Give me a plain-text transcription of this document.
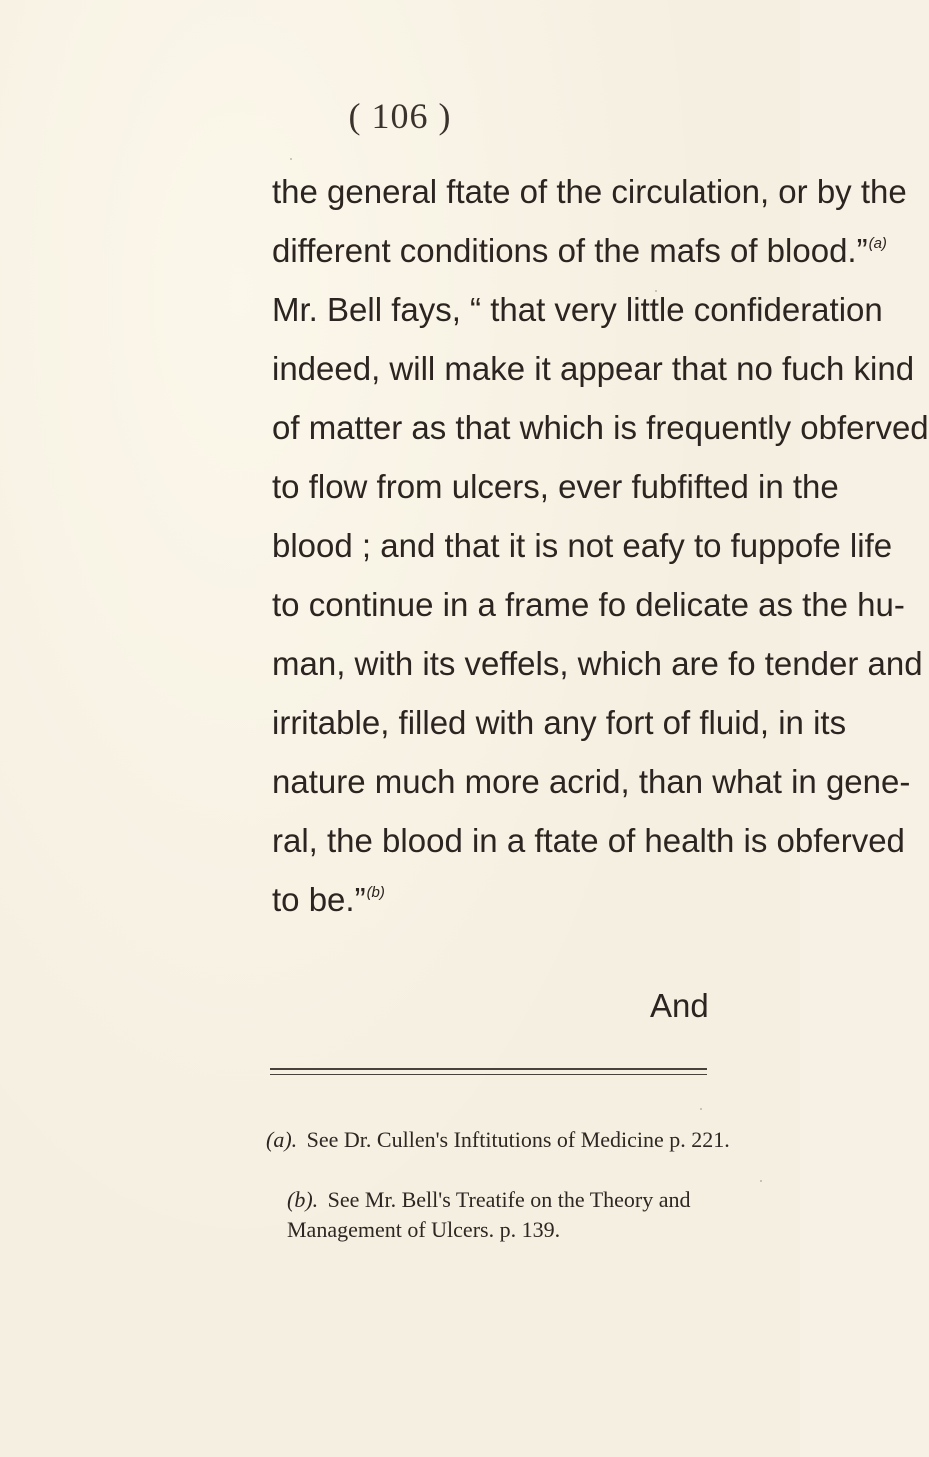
( 106 )
the general ftate of the circulation, or by the
different conditions of the mafs of blood.”$^{(a)}$
Mr. Bell fays, “ that very little confideration
indeed, will make it appear that no fuch kind
of matter as that which is frequently obferved
to flow from ulcers, ever fubfifted in the
blood ; and that it is not eafy to fuppofe life
to continue in a frame fo delicate as the hu-
man, with its veffels, which are fo tender and
irritable, filled with any fort of fluid, in its
nature much more acrid, than what in gene-
ral, the blood in a ftate of health is obferved
to be.”$^{(b)}$
And
(a). See Dr. Cullen's Inftitutions of Medicine p. 221.
(b). See Mr. Bell's Treatife on the Theory and
Management of Ulcers. p. 139.
